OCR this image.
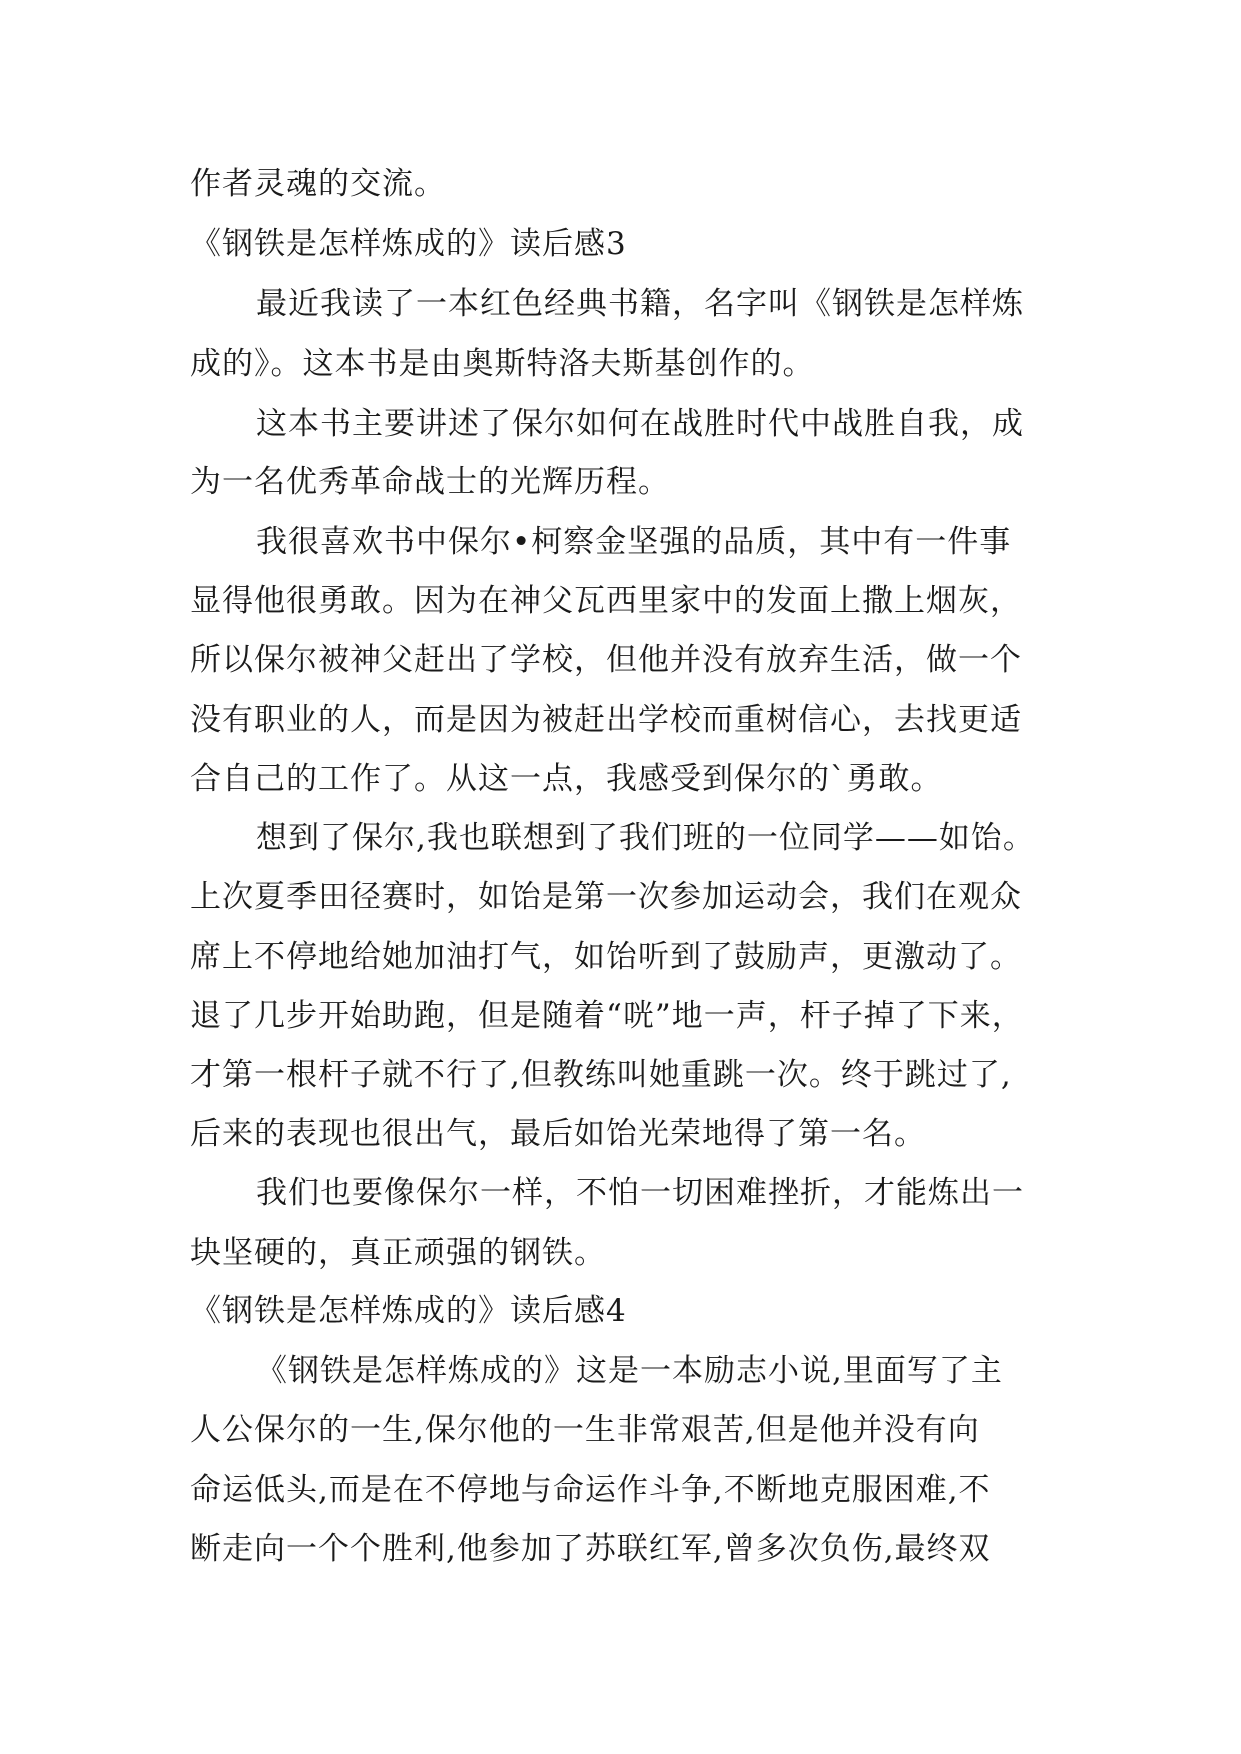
作者灵魂的交流。
《钢铁是怎样炼成的》读后感3
最近我读了一本红色经典书籍，名字叫《钢铁是怎样炼
成的》。这本书是由奥斯特洛夫斯基创作的。
这本书主要讲述了保尔如何在战胜时代中战胜自我，成
为一名优秀革命战士的光辉历程。
我很喜欢书中保尔•柯察金坚强的品质，其中有一件事
显得他很勇敢。因为在神父瓦西里家中的发面上撒上烟灰，
所以保尔被神父赶出了学校，但他并没有放弃生活，做一个
没有职业的人，而是因为被赶出学校而重树信心，去找更适
合自己的工作了。从这一点，我感受到保尔的`勇敢。
想到了保尔,我也联想到了我们班的一位同学——如饴。
上次夏季田径赛时，如饴是第一次参加运动会，我们在观众
席上不停地给她加油打气，如饴听到了鼓励声，更激动了。
退了几步开始助跑，但是随着“咣”地一声，杆子掉了下来，
才第一根杆子就不行了,但教练叫她重跳一次。终于跳过了,
后来的表现也很出气，最后如饴光荣地得了第一名。
我们也要像保尔一样，不怕一切困难挫折，才能炼出一
块坚硬的，真正顽强的钢铁。
《钢铁是怎样炼成的》读后感4
《钢铁是怎样炼成的》这是一本励志小说,里面写了主
人公保尔的一生,保尔他的一生非常艰苦,但是他并没有向
命运低头,而是在不停地与命运作斗争,不断地克服困难,不
断走向一个个胜利,他参加了苏联红军,曾多次负伤,最终双
